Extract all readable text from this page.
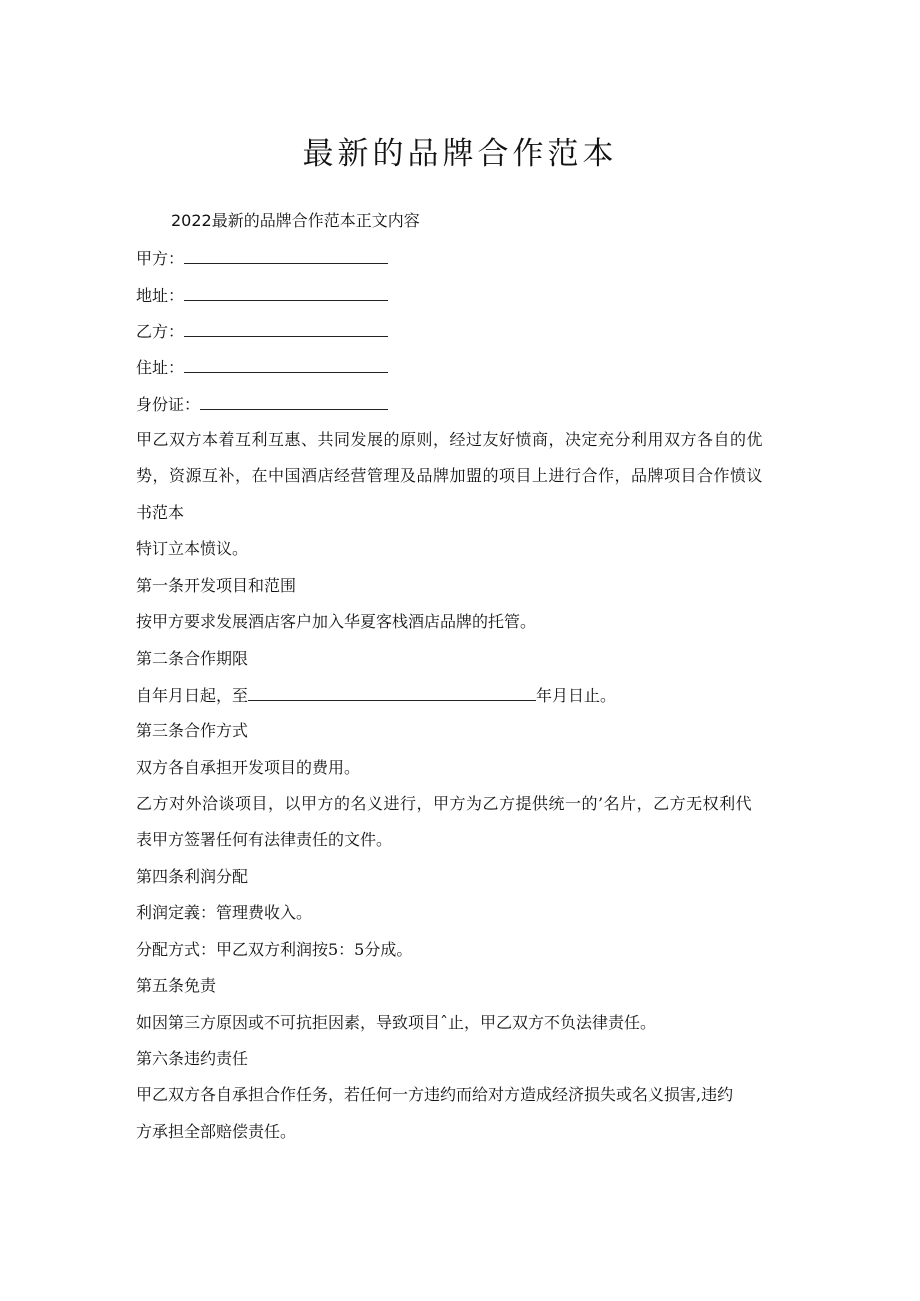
最新的品牌合作范本
2022最新的品牌合作范本正文内容
甲方：
地址：
乙方：
住址：
身份证：
甲乙双方本着互利互惠、共同发展的原则，经过友好愤商，决定充分利用双方各自的优
势，资源互补，在中国酒店经营管理及品牌加盟的项目上进行合作，品牌项目合作愤议
书范本
特订立本愤议。
第一条开发项目和范围
按甲方要求发展酒店客户加入华夏客栈酒店品牌的托管。
第二条合作期限
自年月日起，至	年月日止。
第三条合作方式
双方各自承担开发项目的费用。
乙方对外洽谈项目，以甲方的名义进行，甲方为乙方提供统一的’名片，乙方无权利代
表甲方签署任何有法律责任的文件。
第四条利润分配
利润定義：管理费收入。
分配方式：甲乙双方利润按5：5分成。
第五条免责
如因第三方原因或不可抗拒因素，导致项目ˆ止，甲乙双方不负法律责任。
第六条违约责任
甲乙双方各自承担合作任务，若任何一方违约而给对方造成经济损失或名义损害,违约
方承担全部赔偿责任。
